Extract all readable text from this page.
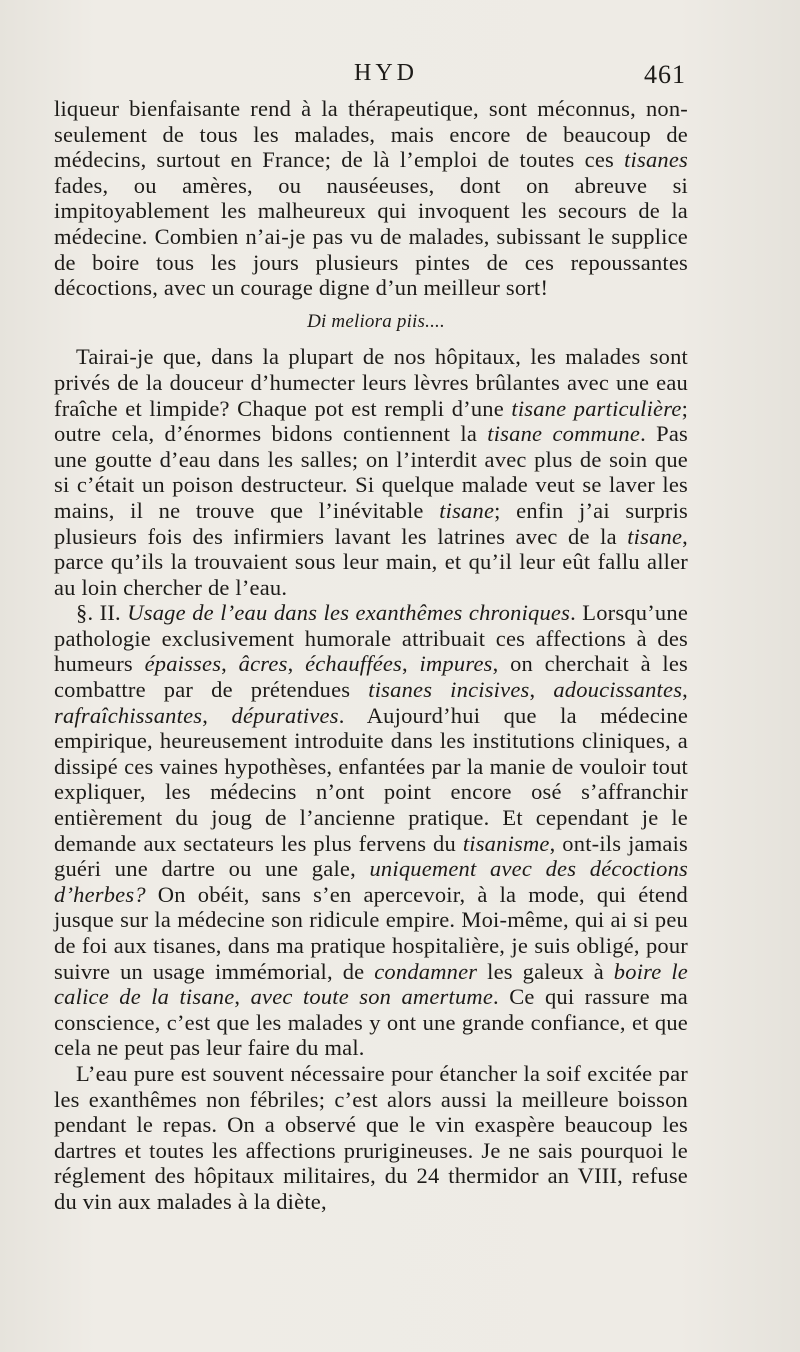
HYD	461

liqueur bienfaisante rend à la thérapeutique, sont méconnus, non-seulement de tous les malades, mais encore de beaucoup de médecins, surtout en France; de là l’emploi de toutes ces tisanes fades, ou amères, ou nauséeuses, dont on abreuve si impitoyablement les malheureux qui invoquent les secours de la médecine. Combien n’ai-je pas vu de malades, subissant le supplice de boire tous les jours plusieurs pintes de ces repoussantes décoctions, avec un courage digne d’un meilleur sort!

Di meliora piis....

Tairai-je que, dans la plupart de nos hôpitaux, les malades sont privés de la douceur d’humecter leurs lèvres brûlantes avec une eau fraîche et limpide? Chaque pot est rempli d’une tisane particulière; outre cela, d’énormes bidons contiennent la tisane commune. Pas une goutte d’eau dans les salles; on l’interdit avec plus de soin que si c’était un poison destructeur. Si quelque malade veut se laver les mains, il ne trouve que l’inévitable tisane; enfin j’ai surpris plusieurs fois des infirmiers lavant les latrines avec de la tisane, parce qu’ils la trouvaient sous leur main, et qu’il leur eût fallu aller au loin chercher de l’eau.

§. II. Usage de l’eau dans les exanthêmes chroniques. Lorsqu’une pathologie exclusivement humorale attribuait ces affections à des humeurs épaisses, âcres, échauffées, impures, on cherchait à les combattre par de prétendues tisanes incisives, adoucissantes, rafraîchissantes, dépuratives. Aujourd’hui que la médecine empirique, heureusement introduite dans les institutions cliniques, a dissipé ces vaines hypothèses, enfantées par la manie de vouloir tout expliquer, les médecins n’ont point encore osé s’affranchir entièrement du joug de l’ancienne pratique. Et cependant je le demande aux sectateurs les plus fervens du tisanisme, ont-ils jamais guéri une dartre ou une gale, uniquement avec des décoctions d’herbes? On obéit, sans s’en apercevoir, à la mode, qui étend jusque sur la médecine son ridicule empire. Moi-même, qui ai si peu de foi aux tisanes, dans ma pratique hospitalière, je suis obligé, pour suivre un usage immémorial, de condamner les galeux à boire le calice de la tisane, avec toute son amertume. Ce qui rassure ma conscience, c’est que les malades y ont une grande confiance, et que cela ne peut pas leur faire du mal.

L’eau pure est souvent nécessaire pour étancher la soif excitée par les exanthêmes non fébriles; c’est alors aussi la meilleure boisson pendant le repas. On a observé que le vin exaspère beaucoup les dartres et toutes les affections prurigineuses. Je ne sais pourquoi le réglement des hôpitaux militaires, du 24 thermidor an VIII, refuse du vin aux malades à la diète,
